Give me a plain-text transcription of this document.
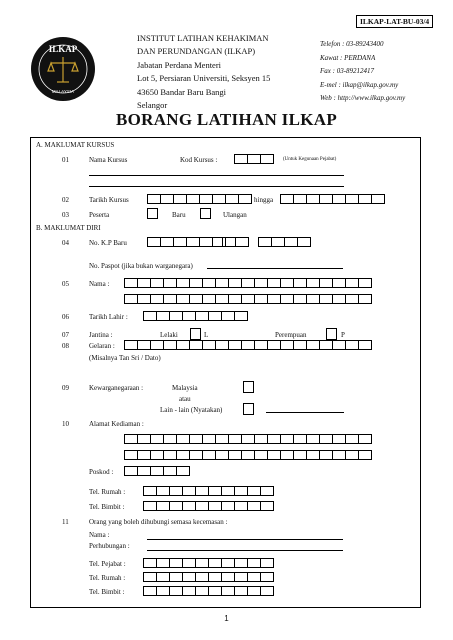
ILKAP-LAT-BU-03/4
ILKAP
MALAYSIA
INSTITUT LATIHAN KEHAKIMAN
DAN PERUNDANGAN (ILKAP)
Jabatan Perdana Menteri
Lot 5, Persiaran Universiti, Seksyen 15
43650 Bandar Baru Bangi
Selangor
Telefon : 03-89243400
Kawat : PERDANA
Fax : 03-89212417
E-mel : ilkap@ilkap.gov.my
Web : http://www.ilkap.gov.my
BORANG LATIHAN ILKAP
A. MAKLUMAT KURSUS
01	Nama Kursus	Kod Kursus :	(Untuk Kegunaan Pejabat)
02	Tarikh Kursus	hingga
03	Peserta	Baru	Ulangan
B. MAKLUMAT DIRI
04	No. K.P Baru
No. Paspot (jika bukan warganegara)
05	Nama :
06	Tarikh Lahir :
07	Jantina :	Lelaki	L	Perempuan	P
08	Gelaran :
(Misalnya Tan Sri / Dato)
09	Kewarganegaraan :	Malaysia
atau
Lain - lain (Nyatakan)
10	Alamat Kediaman :
Poskod :
Tel. Rumah :
Tel. Bimbit :
11	Orang yang boleh dihubungi semasa kecemasan :
Nama :
Perhubungan :
Tel. Pejabat :
Tel. Rumah :
Tel. Bimbit :
1
